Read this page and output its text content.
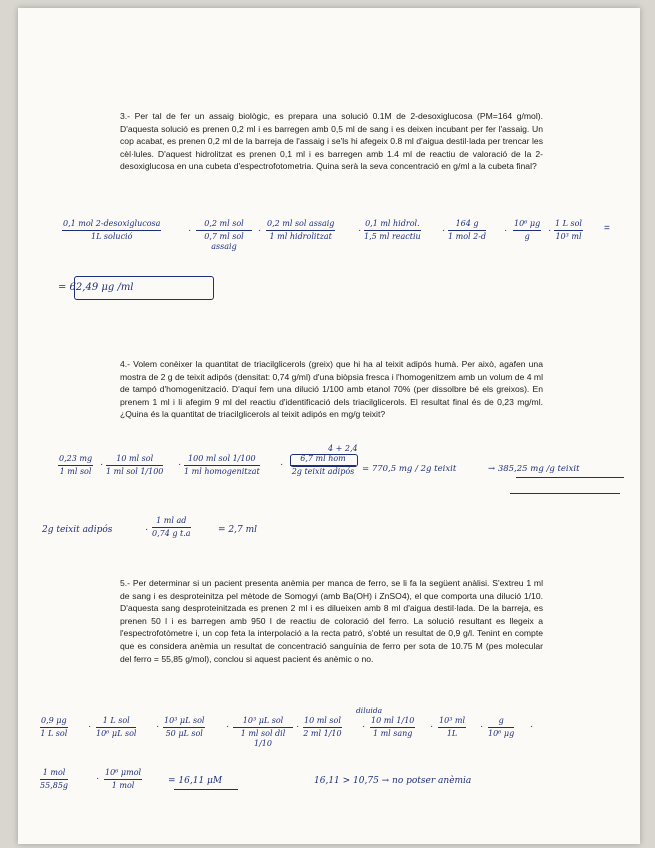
3.- Per tal de fer un assaig biològic, es prepara una solució 0.1M de 2-desoxiglucosa (PM=164 g/mol). D'aquesta solució es prenen 0,2 ml i es barregen amb 0,5 ml de sang i es deixen incubant per fer l'assaig. Un cop acabat, es prenen 0,2 ml de la barreja de l'assaig i se'ls hi afegeix 0.8 ml d'aigua destil·lada per trencar les cèl·lules. D'aquest hidrolitzat es prenen 0,1 ml i es barregen amb 1.4 ml de reactiu de valoració de la 2-desoxiglucosa en una cubeta d'espectrofotometria. Quina serà la seva concentració en g/ml a la cubeta final?

0,1 mol 2-desoxiglucosa
1L solució
·
0,2 ml sol
0,7 ml sol assaig
·
0,2 ml sol assaig
1 ml hidrolitzat
·
0,1 ml hidrol.
1,5 ml reactiu
·
164 g
1 mol 2-d
· $\frac{\text{10⁶ μg}}{g}$ ·
1 L sol
10³ ml
=
= 62,49 μg /ml

4.- Volem conèixer la quantitat de triacilglicerols (greix) que hi ha al teixit adipós humà. Per això, agafen una mostra de 2 g de teixit adipós (densitat: 0,74 g/ml) d'una biòpsia fresca i l'homogenitzem amb un volum de 4 ml de tampó d'homogenització. D'aquí fem una dilució 1/100 amb etanol 70% (per dissolbre bé els greixos). En prenem 1 ml i li afegim 9 ml del reactiu d'identificació dels triacilglicerols. El resultat final és de 0,23 mg/ml. ¿Quina és la quantitat de triacilglicerols al teixit adipós en mg/g teixit?

4 + 2,4
0,23 mg
1 ml sol
·
10 ml sol
1 ml sol 1/100
·
100 ml sol 1/100
1 ml homogenitzat
·
6,7 ml hom
2g teixit adipós = 770,5 mg / 2g teixit	→ 385,25 mg /g teixit
2g teixit adipós	· $\frac{\text{1 ml ad}}{\text{0,74 g t.a}}$	= 2,7 ml

5.- Per determinar si un pacient presenta anèmia per manca de ferro, se li fa la següent anàlisi. S'extreu 1 ml de sang i es desproteinitza pel mètode de Somogyi (amb Ba(OH) i ZnSO4), el que comporta una dilució 1/10. D'aquesta sang desproteinitzada es prenen 2 ml i es dilueixen amb 8 ml d'aigua destil·lada. De la barreja, es prenen 50 l i es barregen amb 950 l de reactiu de coloració del ferro. La solució resultant es llegeix a l'espectrofotòmetre i, un cop feta la interpolació a la recta patró, s'obté un resultat de 0,9 g/l. Tenint en compte que es considera anèmia un resultat de concentració sanguínia de ferro per sota de 10.75 M (pes molecular del ferro = 55,85 g/mol), conclou si aquest pacient és anèmic o no.

diluida
0,9 μg
1 L sol
·
1 L sol
10⁶ μL sol
·
10³ μL sol
50 μL sol
·
10³ μL sol
1 ml sol dil 1/10
·
10 ml sol
2 ml 1/10
·
10 ml 1/10
1 ml sang
· $\frac{\text{10³ ml}}{1L} \cdot \frac{g}{\text{10⁶ μg}}$ ·
1 mol
55,85g
·
10⁶ μmol
1 mol	= 16,11 μM	16,11 > 10,75 → no potser anèmia
